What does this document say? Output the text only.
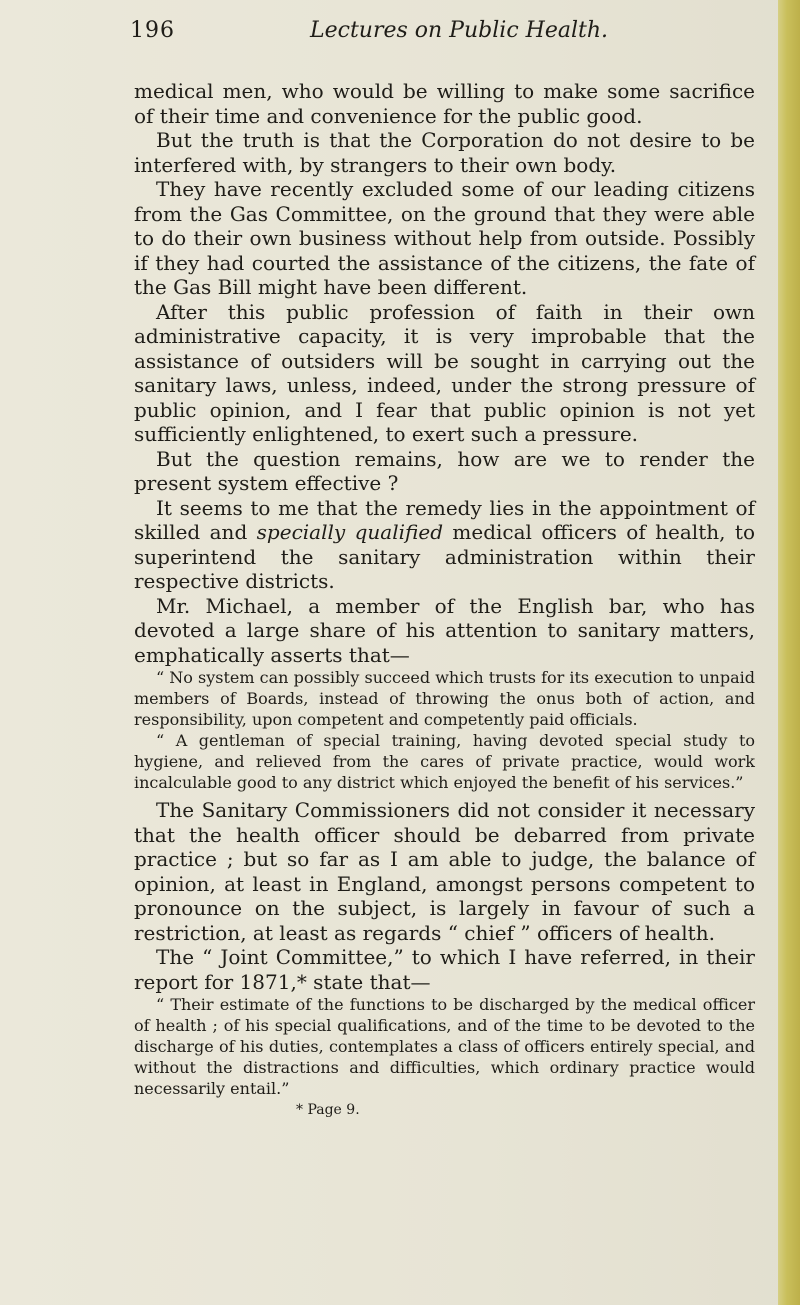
196	Lectures on Public Health.

medical men, who would be willing to make some sacrifice of their time and convenience for the public good.

But the truth is that the Corporation do not desire to be interfered with, by strangers to their own body.

They have recently excluded some of our leading citizens from the Gas Committee, on the ground that they were able to do their own business without help from outside. Possibly if they had courted the assistance of the citizens, the fate of the Gas Bill might have been different.

After this public profession of faith in their own administrative capacity, it is very improbable that the assistance of outsiders will be sought in carrying out the sanitary laws, unless, indeed, under the strong pressure of public opinion, and I fear that public opinion is not yet sufficiently enlightened, to exert such a pressure.

But the question remains, how are we to render the present system effective ?

It seems to me that the remedy lies in the appointment of skilled and specially qualified medical officers of health, to superintend the sanitary administration within their respective districts.

Mr. Michael, a member of the English bar, who has devoted a large share of his attention to sanitary matters, emphatically asserts that—

“ No system can possibly succeed which trusts for its execution to unpaid members of Boards, instead of throwing the onus both of action, and responsibility, upon competent and competently paid officials.

“ A gentleman of special training, having devoted special study to hygiene, and relieved from the cares of private practice, would work incalculable good to any district which enjoyed the benefit of his services.”

The Sanitary Commissioners did not consider it necessary that the health officer should be debarred from private practice ; but so far as I am able to judge, the balance of opinion, at least in England, amongst persons competent to pronounce on the subject, is largely in favour of such a restriction, at least as regards “ chief ” officers of health.

The “ Joint Committee,” to which I have referred, in their report for 1871,* state that—

“ Their estimate of the functions to be discharged by the medical officer of health ; of his special qualifications, and of the time to be devoted to the discharge of his duties, contemplates a class of officers entirely special, and without the distractions and difficulties, which ordinary practice would necessarily entail.”

* Page 9.
